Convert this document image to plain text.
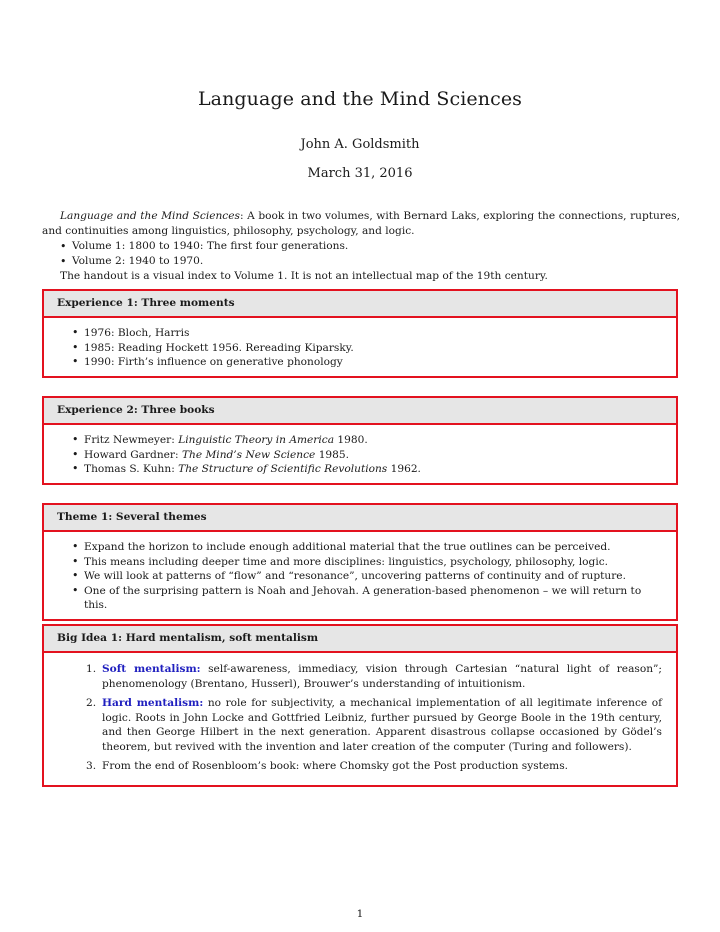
Language and the Mind Sciences
John A. Goldsmith
March 31, 2016

Language and the Mind Sciences: A book in two volumes, with Bernard Laks, exploring the connections, ruptures, and continuities among linguistics, philosophy, psychology, and logic.

• Volume 1: 1800 to 1940: The first four generations.
• Volume 2: 1940 to 1970.

The handout is a visual index to Volume 1. It is not an intellectual map of the 19th century.

Experience 1: Three moments
• 1976: Bloch, Harris
• 1985: Reading Hockett 1956. Rereading Kiparsky.
• 1990: Firth’s influence on generative phonology
Experience 2: Three books
• Fritz Newmeyer: Linguistic Theory in America 1980.
• Howard Gardner: The Mind’s New Science 1985.
• Thomas S. Kuhn: The Structure of Scientific Revolutions 1962.
Theme 1: Several themes
• Expand the horizon to include enough additional material that the true outlines can be perceived.
• This means including deeper time and more disciplines: linguistics, psychology, philosophy, logic.
• We will look at patterns of “flow” and “resonance”, uncovering patterns of continuity and of rupture.
• One of the surprising pattern is Noah and Jehovah. A generation-based phenomenon – we will return to this.
Big Idea 1: Hard mentalism, soft mentalism
1. Soft mentalism: self-awareness, immediacy, vision through Cartesian “natural light of reason”; phenomenology (Brentano, Husserl), Brouwer’s understanding of intuitionism.
2. Hard mentalism: no role for subjectivity, a mechanical implementation of all legitimate inference of logic. Roots in John Locke and Gottfried Leibniz, further pursued by George Boole in the 19th century, and then George Hilbert in the next generation. Apparent disastrous collapse occasioned by Gödel’s theorem, but revived with the invention and later creation of the computer (Turing and followers).
3. From the end of Rosenbloom’s book: where Chomsky got the Post production systems.
1
